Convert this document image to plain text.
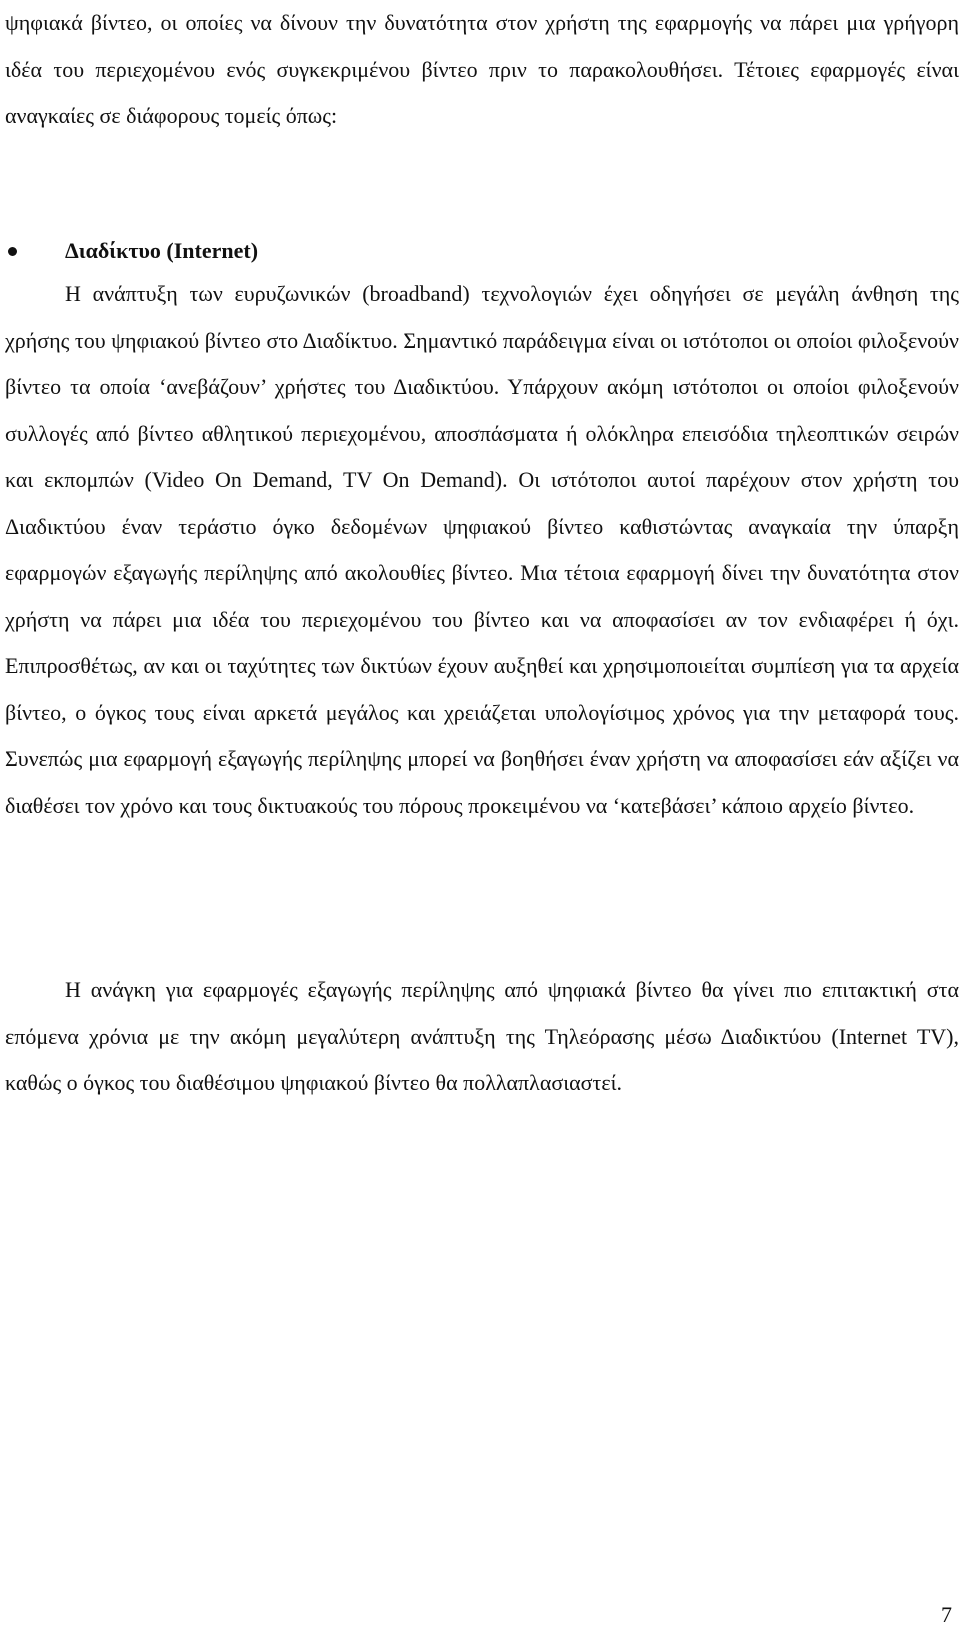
ψηφιακά βίντεο, οι οποίες να δίνουν την δυνατότητα στον χρήστη της εφαρμογής να πάρει μια γρήγορη ιδέα του περιεχομένου ενός συγκεκριμένου βίντεο πριν το παρακολουθήσει. Τέτοιες εφαρμογές είναι αναγκαίες σε διάφορους τομείς όπως:

Διαδίκτυο (Internet)

Η ανάπτυξη των ευρυζωνικών (broadband) τεχνολογιών έχει οδηγήσει σε μεγάλη άνθηση της χρήσης του ψηφιακού βίντεο στο Διαδίκτυο. Σημαντικό παράδειγμα είναι οι ιστότοποι οι οποίοι φιλοξενούν βίντεο τα οποία ‘ανεβάζουν’ χρήστες του Διαδικτύου. Υπάρχουν ακόμη ιστότοποι οι οποίοι φιλοξενούν συλλογές από βίντεο αθλητικού περιεχομένου, αποσπάσματα ή ολόκληρα επεισόδια τηλεοπτικών σειρών και εκπομπών (Video On Demand, TV On Demand). Οι ιστότοποι αυτοί παρέχουν στον χρήστη του Διαδικτύου έναν τεράστιο όγκο δεδομένων ψηφιακού βίντεο καθιστώντας αναγκαία την ύπαρξη εφαρμογών εξαγωγής περίληψης από ακολουθίες βίντεο. Μια τέτοια εφαρμογή δίνει την δυνατότητα στον χρήστη να πάρει μια ιδέα του περιεχομένου του βίντεο και να αποφασίσει αν τον ενδιαφέρει ή όχι. Επιπροσθέτως, αν και οι ταχύτητες των δικτύων έχουν αυξηθεί και χρησιμοποιείται συμπίεση για τα αρχεία βίντεο, ο όγκος τους είναι αρκετά μεγάλος και χρειάζεται υπολογίσιμος χρόνος για την μεταφορά τους. Συνεπώς μια εφαρμογή εξαγωγής περίληψης μπορεί να βοηθήσει έναν χρήστη να αποφασίσει εάν αξίζει να διαθέσει τον χρόνο και τους δικτυακούς του πόρους προκειμένου να ‘κατεβάσει’ κάποιο αρχείο βίντεο.

Η ανάγκη για εφαρμογές εξαγωγής περίληψης από ψηφιακά βίντεο θα γίνει πιο επιτακτική στα επόμενα χρόνια με την ακόμη μεγαλύτερη ανάπτυξη της Τηλεόρασης μέσω Διαδικτύου (Internet TV), καθώς ο όγκος του διαθέσιμου ψηφιακού βίντεο θα πολλαπλασιαστεί.

7
